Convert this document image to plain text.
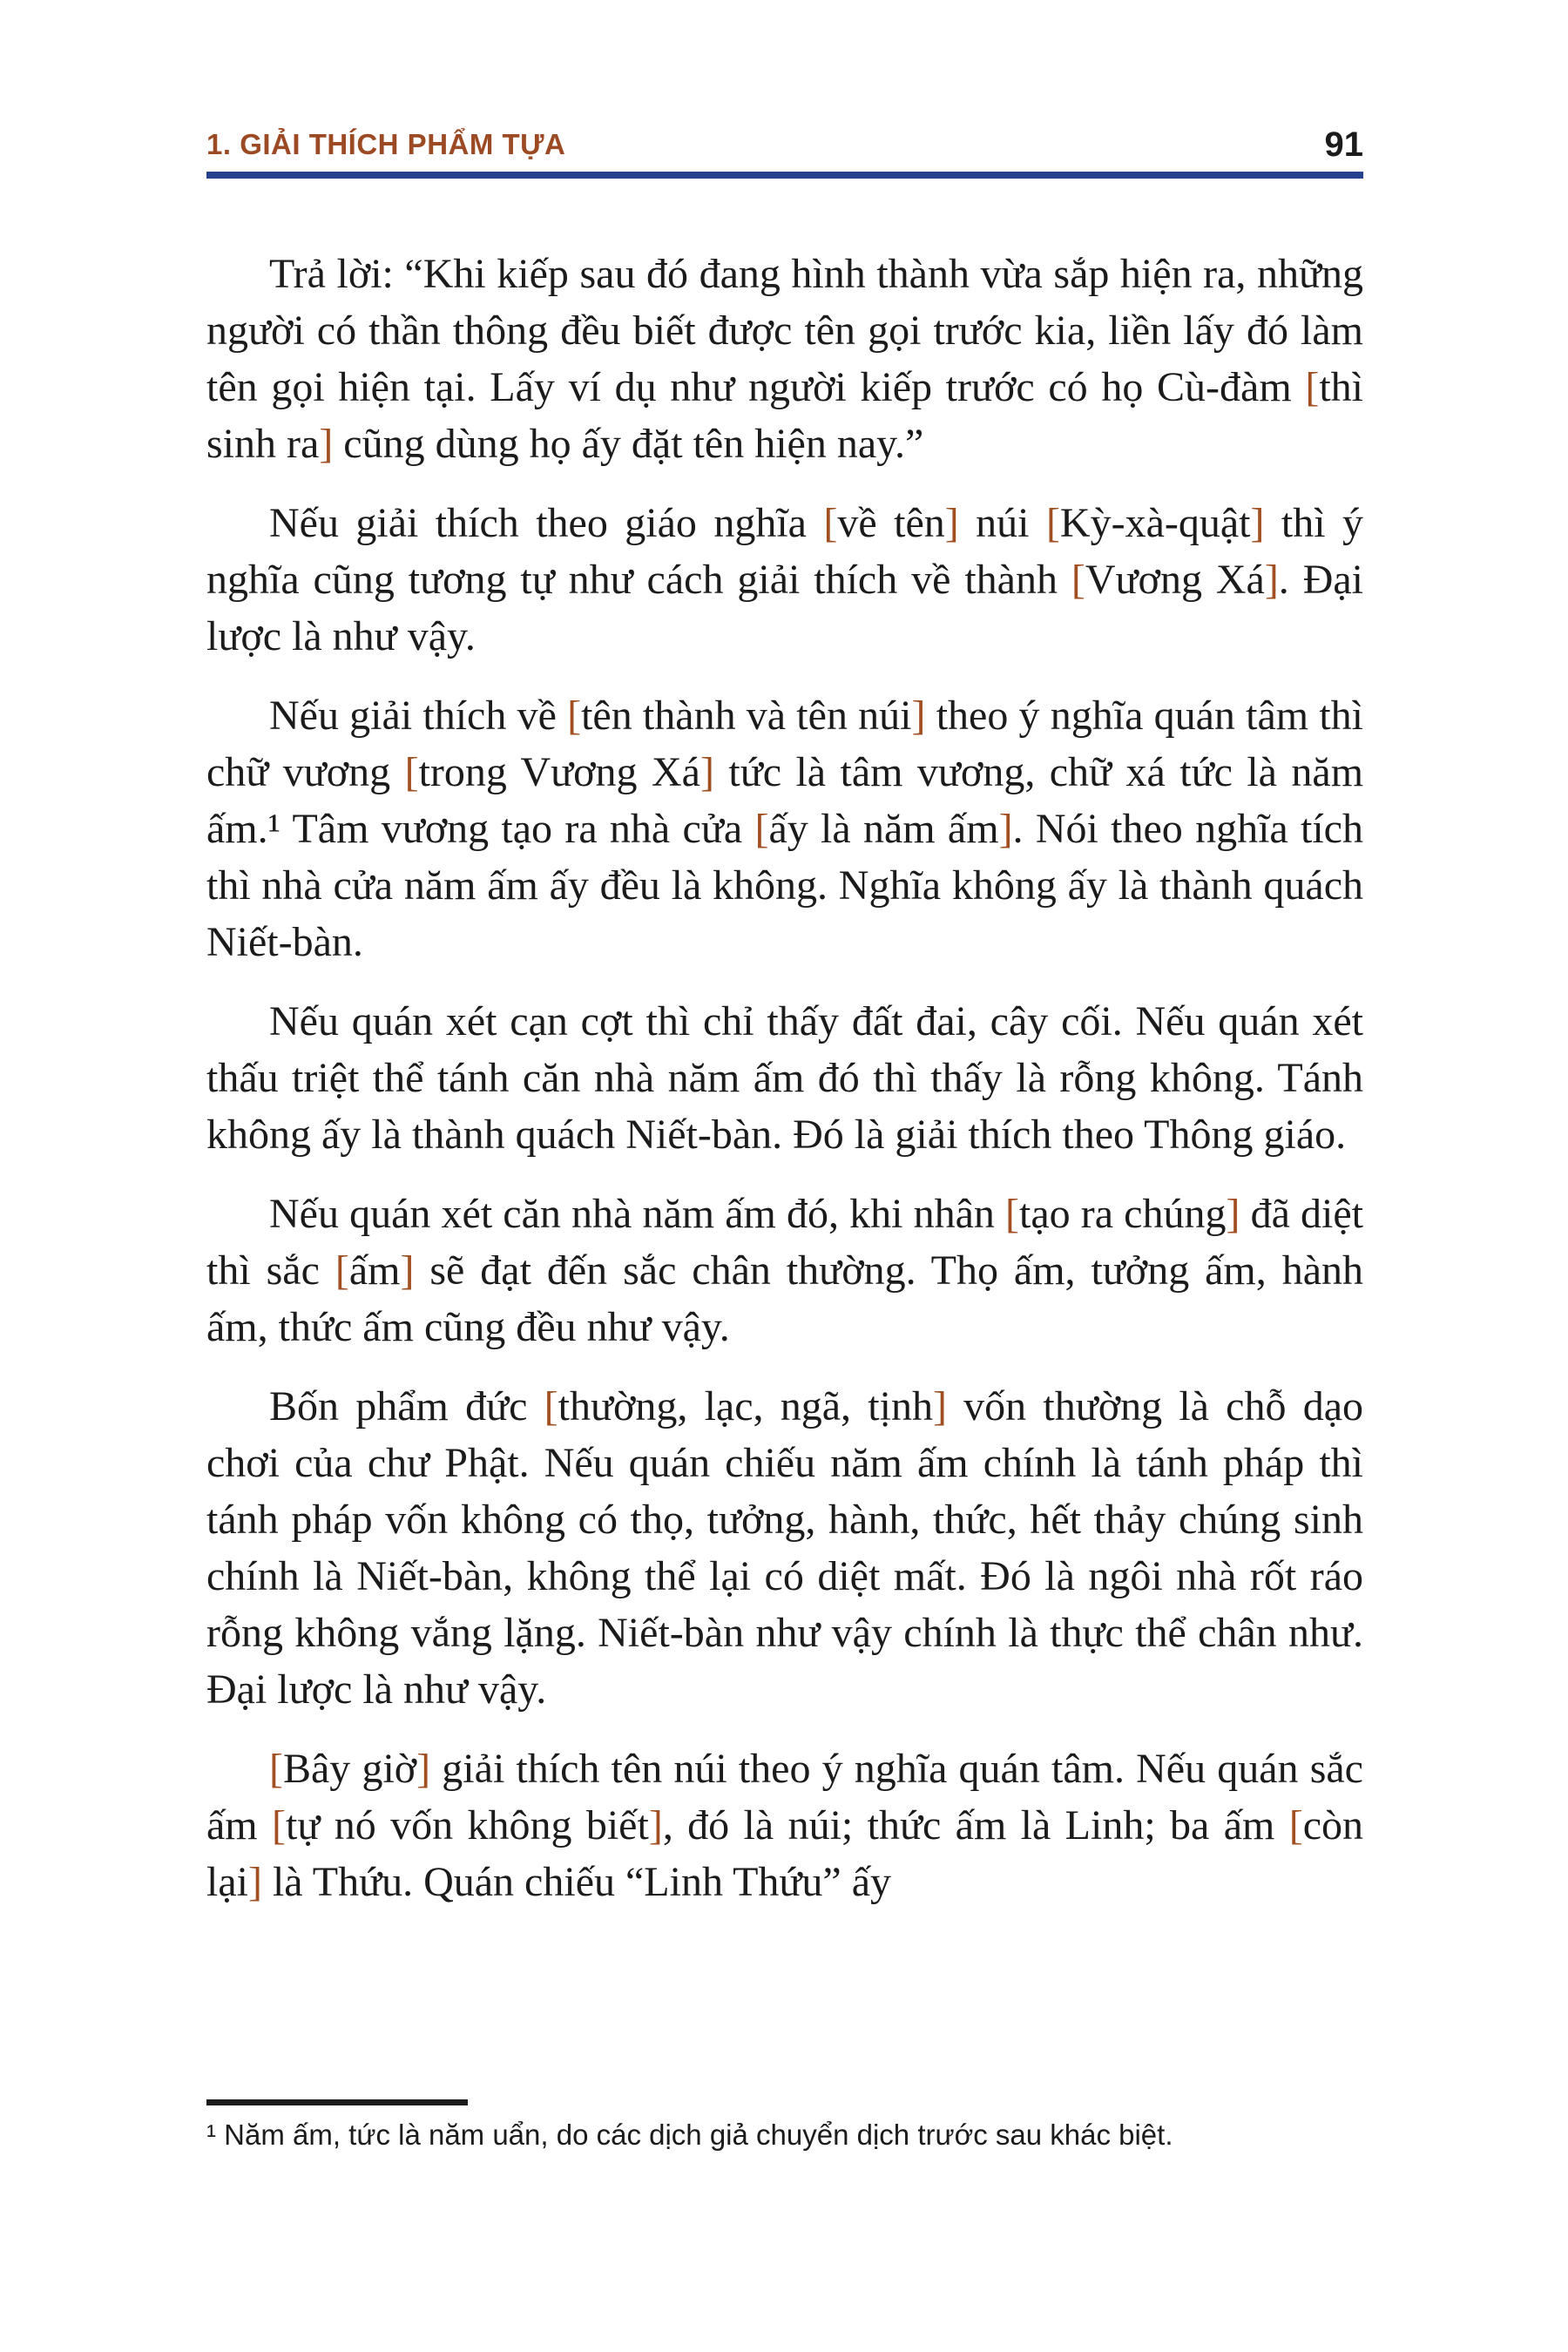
1. GIẢI THÍCH PHẨM TỰA	91

Trả lời: “Khi kiếp sau đó đang hình thành vừa sắp hiện ra, những người có thần thông đều biết được tên gọi trước kia, liền lấy đó làm tên gọi hiện tại. Lấy ví dụ như người kiếp trước có họ Cù-đàm [thì sinh ra] cũng dùng họ ấy đặt tên hiện nay.”

Nếu giải thích theo giáo nghĩa [về tên] núi [Kỳ-xà-quật] thì ý nghĩa cũng tương tự như cách giải thích về thành [Vương Xá]. Đại lược là như vậy.

Nếu giải thích về [tên thành và tên núi] theo ý nghĩa quán tâm thì chữ vương [trong Vương Xá] tức là tâm vương, chữ xá tức là năm ấm.¹ Tâm vương tạo ra nhà cửa [ấy là năm ấm]. Nói theo nghĩa tích thì nhà cửa năm ấm ấy đều là không. Nghĩa không ấy là thành quách Niết-bàn.

Nếu quán xét cạn cợt thì chỉ thấy đất đai, cây cối. Nếu quán xét thấu triệt thể tánh căn nhà năm ấm đó thì thấy là rỗng không. Tánh không ấy là thành quách Niết-bàn. Đó là giải thích theo Thông giáo.

Nếu quán xét căn nhà năm ấm đó, khi nhân [tạo ra chúng] đã diệt thì sắc [ấm] sẽ đạt đến sắc chân thường. Thọ ấm, tưởng ấm, hành ấm, thức ấm cũng đều như vậy.

Bốn phẩm đức [thường, lạc, ngã, tịnh] vốn thường là chỗ dạo chơi của chư Phật. Nếu quán chiếu năm ấm chính là tánh pháp thì tánh pháp vốn không có thọ, tưởng, hành, thức, hết thảy chúng sinh chính là Niết-bàn, không thể lại có diệt mất. Đó là ngôi nhà rốt ráo rỗng không vắng lặng. Niết-bàn như vậy chính là thực thể chân như. Đại lược là như vậy.

[Bây giờ] giải thích tên núi theo ý nghĩa quán tâm. Nếu quán sắc ấm [tự nó vốn không biết], đó là núi; thức ấm là Linh; ba ấm [còn lại] là Thứu. Quán chiếu “Linh Thứu” ấy

¹ Năm ấm, tức là năm uẩn, do các dịch giả chuyển dịch trước sau khác biệt.
